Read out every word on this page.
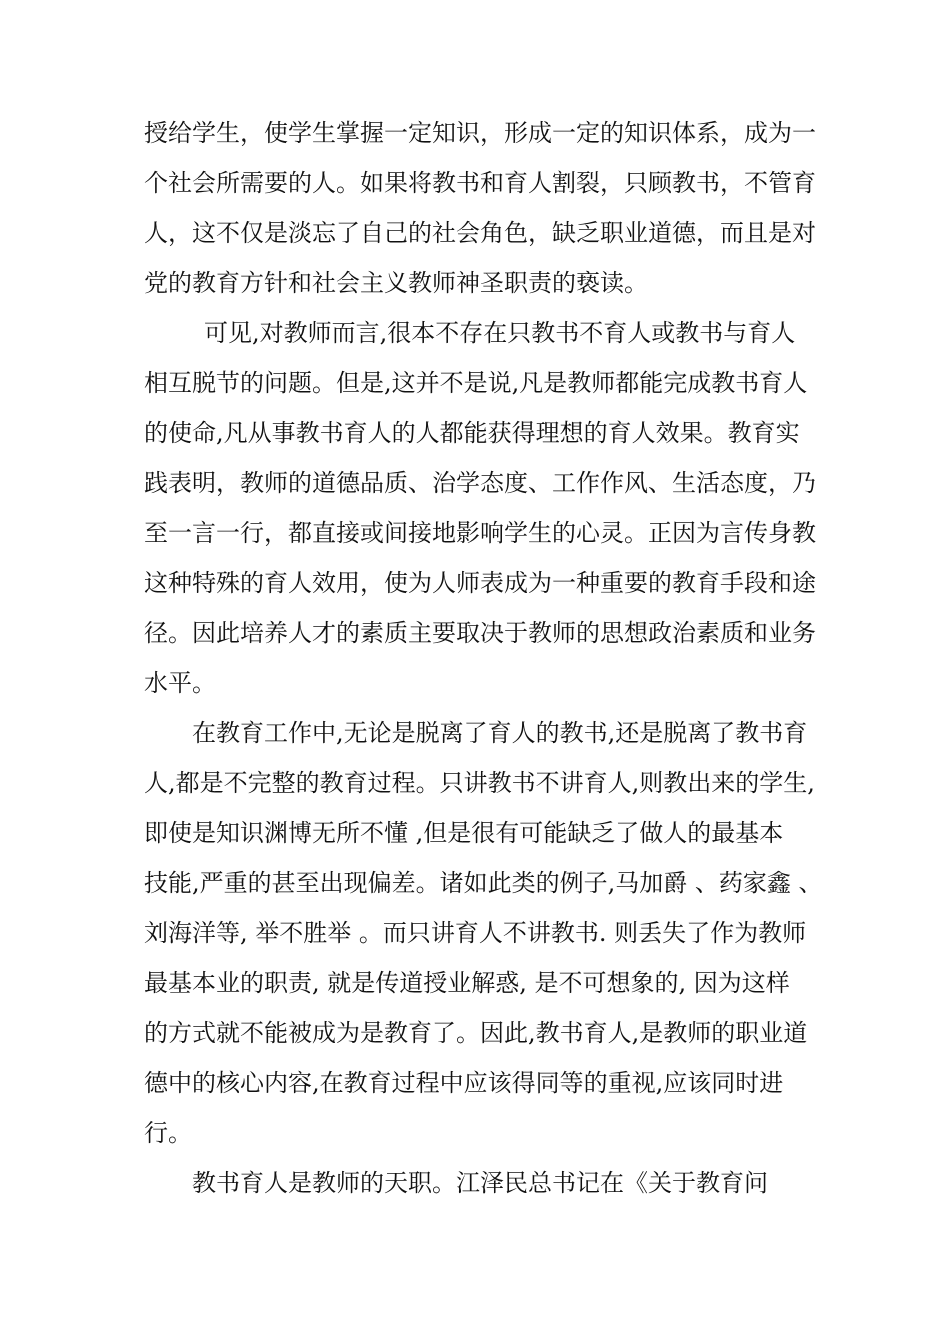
授给学生，使学生掌握一定知识，形成一定的知识体系，成为一
个社会所需要的人。如果将教书和育人割裂，只顾教书，不管育
人，这不仅是淡忘了自己的社会角色，缺乏职业道德，而且是对
党的教育方针和社会主义教师神圣职责的亵读。
　可见,对教师而言,很本不存在只教书不育人或教书与育人
相互脱节的问题。但是,这并不是说,凡是教师都能完成教书育人
的使命,凡从事教书育人的人都能获得理想的育人效果。教育实
践表明，教师的道德品质、治学态度、工作作风、生活态度，乃
至一言一行，都直接或间接地影响学生的心灵。正因为言传身教
这种特殊的育人效用，使为人师表成为一种重要的教育手段和途
径。因此培养人才的素质主要取决于教师的思想政治素质和业务
水平。
在教育工作中,无论是脱离了育人的教书,还是脱离了教书育
人,都是不完整的教育过程。只讲教书不讲育人,则教出来的学生,
即使是知识渊博无所不懂 ,但是很有可能缺乏了做人的最基本
技能,严重的甚至出现偏差。诸如此类的例子,马加爵 、药家鑫 、
刘海洋等, 举不胜举 。而只讲育人不讲教书. 则丢失了作为教师
最基本业的职责, 就是传道授业解惑, 是不可想象的, 因为这样
的方式就不能被成为是教育了。因此,教书育人,是教师的职业道
德中的核心内容,在教育过程中应该得同等的重视,应该同时进
行。
教书育人是教师的天职。江泽民总书记在《关于教育问
